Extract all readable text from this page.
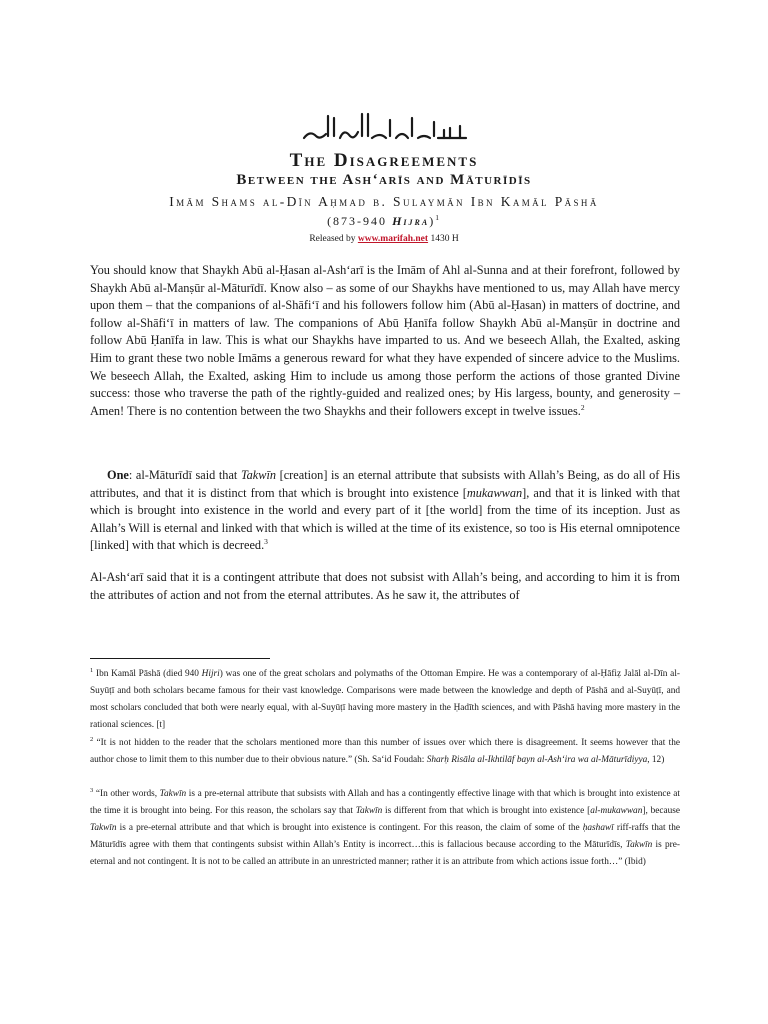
The Disagreements
Between the Ash‘arīs and Māturīdīs

Imām Shams al-Dīn Aḥmad b. Sulaymān Ibn Kamāl Pāshā

(873-940 Hijra)$^1$

Released by www.marifah.net 1430 H

You should know that Shaykh Abū al-Ḥasan al-Ash‘arī is the Imām of Ahl al-Sunna and at their forefront, followed by Shaykh Abū al-Manṣūr al-Māturīdī. Know also – as some of our Shaykhs have mentioned to us, may Allah have mercy upon them – that the companions of al-Shāfi‘ī and his followers follow him (Abū al-Ḥasan) in matters of doctrine, and follow al-Shāfi‘ī in matters of law. The companions of Abū Ḥanīfa follow Shaykh Abū al-Manṣūr in doctrine and follow Abū Ḥanīfa in law. This is what our Shaykhs have imparted to us. And we beseech Allah, the Exalted, asking Him to grant these two noble Imāms a generous reward for what they have expended of sincere advice to the Muslims. We beseech Allah, the Exalted, asking Him to include us among those perform the actions of those granted Divine success: those who traverse the path of the rightly-guided and realized ones; by His largess, bounty, and generosity – Amen! There is no contention between the two Shaykhs and their followers except in twelve issues.$^2$

One: al-Māturīdī said that Takwīn [creation] is an eternal attribute that subsists with Allah’s Being, as do all of His attributes, and that it is distinct from that which is brought into existence [mukawwan], and that it is linked with that which is brought into existence in the world and every part of it [the world] from the time of its inception. Just as Allah’s Will is eternal and linked with that which is willed at the time of its existence, so too is His eternal omnipotence [linked] with that which is decreed.$^3$

Al-Ash‘arī said that it is a contingent attribute that does not subsist with Allah’s being, and according to him it is from the attributes of action and not from the eternal attributes. As he saw it, the attributes of

$^1$ Ibn Kamāl Pāshā (died 940 Hijri) was one of the great scholars and polymaths of the Ottoman Empire. He was a contemporary of al-Ḥāfiẓ Jalāl al-Dīn al-Suyūṭī and both scholars became famous for their vast knowledge. Comparisons were made between the knowledge and depth of Pāshā and al-Suyūṭī, and most scholars concluded that both were nearly equal, with al-Suyūṭī having more mastery in the Ḥadīth sciences, and with Pāshā having more mastery in the rational sciences. [t]

$^2$ “It is not hidden to the reader that the scholars mentioned more than this number of issues over which there is disagreement. It seems however that the author chose to limit them to this number due to their obvious nature.” (Sh. Sa‘id Foudah: Sharḥ Risāla al-Ikhtilāf bayn al-Ash‘ira wa al-Māturīdiyya, 12)

$^3$ “In other words, Takwīn is a pre-eternal attribute that subsists with Allah and has a contingently effective linage with that which is brought into existence at the time it is brought into being. For this reason, the scholars say that Takwīn is different from that which is brought into existence [al-mukawwan], because Takwīn is a pre-eternal attribute and that which is brought into existence is contingent. For this reason, the claim of some of the ḥashawī riff-raffs that the Māturīdīs agree with them that contingents subsist within Allah’s Entity is incorrect…this is fallacious because according to the Māturīdīs, Takwīn is pre-eternal and not contingent. It is not to be called an attribute in an unrestricted manner; rather it is an attribute from which actions issue forth…” (Ibid)
